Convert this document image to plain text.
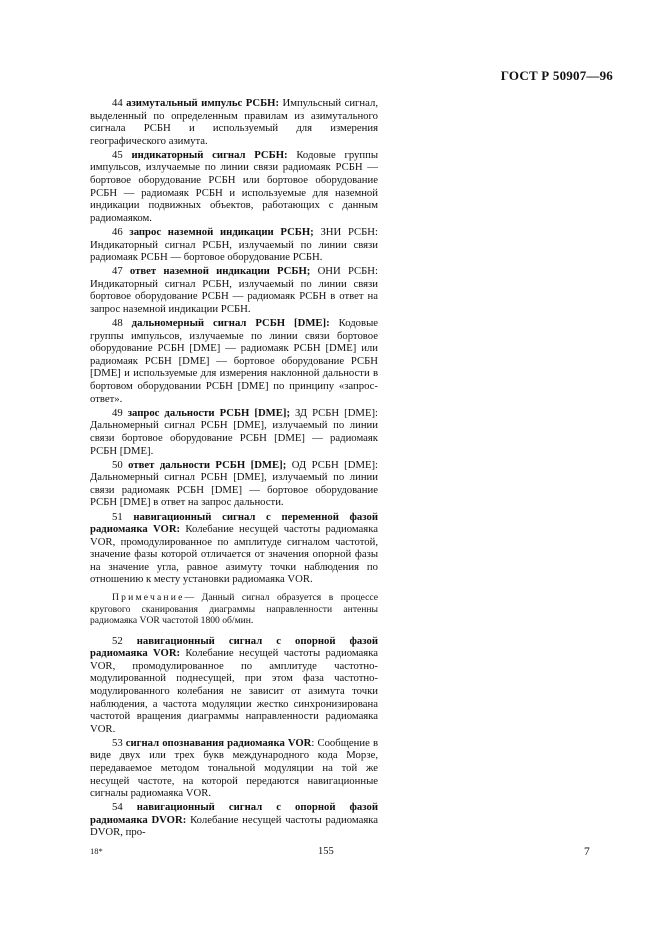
ГОСТ Р 50907—96

44 азимутальный импульс РСБН: Импульсный сигнал, выделенный по определенным правилам из азимутального сигнала РСБН и используемый для измерения географического азимута.

45 индикаторный сигнал РСБН: Кодовые группы импульсов, излучаемые по линии связи радиомаяк РСБН — бортовое оборудование РСБН или бортовое оборудование РСБН — радиомаяк РСБН и используемые для наземной индикации подвижных объектов, работающих с данным радиомаяком.

46 запрос наземной индикации РСБН; ЗНИ РСБН: Индикаторный сигнал РСБН, излучаемый по линии связи радиомаяк РСБН — бортовое оборудование РСБН.

47 ответ наземной индикации РСБН; ОНИ РСБН: Индикаторный сигнал РСБН, излучаемый по линии связи бортовое оборудование РСБН — радиомаяк РСБН в ответ на запрос наземной индикации РСБН.

48 дальномерный сигнал РСБН [DME]: Кодовые группы импульсов, излучаемые по линии связи бортовое оборудование РСБН [DME] — радиомаяк РСБН [DME] или радиомаяк РСБН [DME] — бортовое оборудование РСБН [DME] и используемые для измерения наклонной дальности в бортовом оборудовании РСБН [DME] по принципу «запрос-ответ».

49 запрос дальности РСБН [DME]; ЗД РСБН [DME]: Дальномерный сигнал РСБН [DME], излучаемый по линии связи бортовое оборудование РСБН [DME] — радиомаяк РСБН [DME].

50 ответ дальности РСБН [DME]; ОД РСБН [DME]: Дальномерный сигнал РСБН [DME], излучаемый по линии связи радиомаяк РСБН [DME] — бортовое оборудование РСБН [DME] в ответ на запрос дальности.

51 навигационный сигнал с переменной фазой радиомаяка VOR: Колебание несущей частоты радиомаяка VOR, промодулированное по амплитуде сигналом частотой, значение фазы которой отличается от значения опорной фазы на значение угла, равное азимуту точки наблюдения по отношению к месту установки радиомаяка VOR.

Примечание— Данный сигнал образуется в процессе кругового сканирования диаграммы направленности антенны радиомаяка VOR частотой 1800 об/мин.

52 навигационный сигнал с опорной фазой радиомаяка VOR: Колебание несущей частоты радиомаяка VOR, промодулированное по амплитуде частотно-модулированной поднесущей, при этом фаза частотно-модулированного колебания не зависит от азимута точки наблюдения, а частота модуляции жестко синхронизирована частотой вращения диаграммы направленности радиомаяка VOR.

53 сигнал опознавания радиомаяка VOR: Сообщение в виде двух или трех букв международного кода Морзе, передаваемое методом тональной модуляции на той же несущей частоте, на которой передаются навигационные сигналы радиомаяка VOR.

54 навигационный сигнал с опорной фазой радиомаяка DVOR: Колебание несущей частоты радиомаяка DVOR, про-

18*	155	7
